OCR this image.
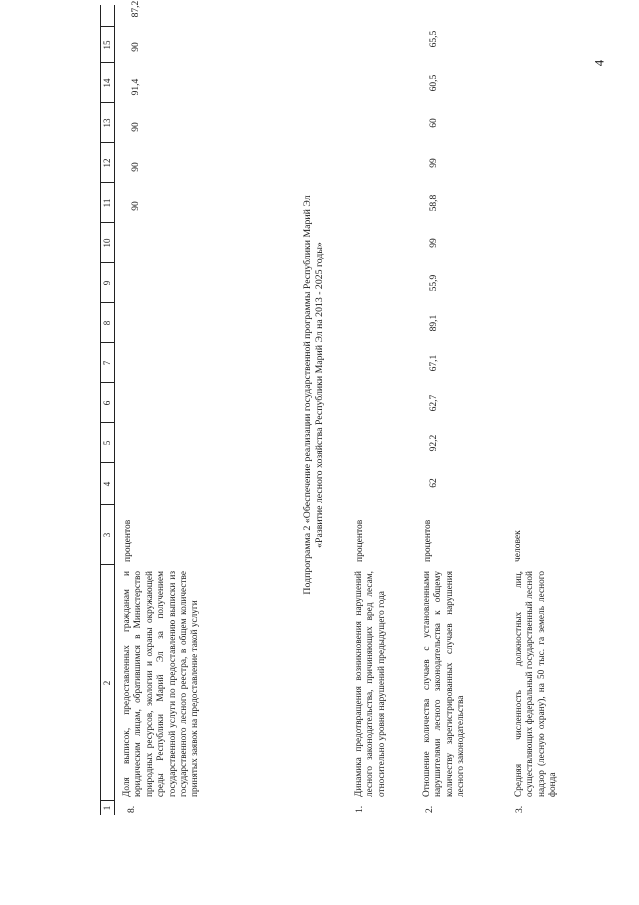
4
1
2
3
4
5
6
7
8
9
10
11
12
13
14
15
8.
Доля выписок, предоставленных гражданам и юридическим лицам, обратившимся в Министерство природных ресурсов, экологии и охраны окружающей среды Республики Марий Эл за получением государственной услуги по предоставлению выписки из государственного лесного реестра, в общем количестве принятых заявок на предоставление такой услуги
процентов
90
90
90
91,4
90
87,2
Подпрограмма 2 «Обеспечение реализации государственной программы Республики Марий Эл «Развитие лесного хозяйства Республики Марий Эл на 2013 - 2025 годы»
1.
Динамика предотвращения возникновения нарушений лесного законодательства, причиняющих вред лесам, относительно уровня нарушений предыдущего года
процентов
2.
Отношение количества случаев с установленными нарушителями лесного законодательства к общему количеству зарегистрированных случаев нарушения лесного законодательства
процентов
62
92,2
62,7
67,1
89,1
55,9
99
58,8
99
60
60,5
65,5
3.
Средняя численность должностных лиц, осуществляющих федеральный государственный лесной надзор (лесную охрану), на 50 тыс. га земель лесного фонда
человек
